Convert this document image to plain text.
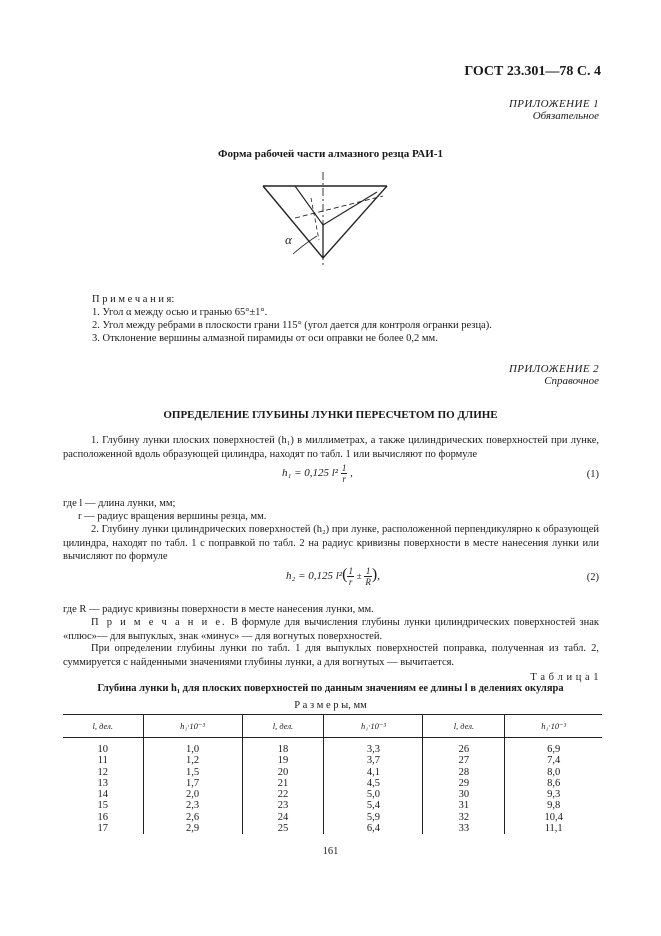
ГОСТ 23.301—78 С. 4
ПРИЛОЖЕНИЕ 1
Обязательное
Форма рабочей части алмазного резца РАИ-1
α
П р и м е ч а н и я:
1. Угол α между осью и гранью 65°±1°.
2. Угол между ребрами в плоскости грани 115° (угол дается для контроля огранки резца).
3. Отклонение вершины алмазной пирамиды от оси оправки не более 0,2 мм.
ПРИЛОЖЕНИЕ 2
Справочное
ОПРЕДЕЛЕНИЕ ГЛУБИНЫ ЛУНКИ ПЕРЕСЧЕТОМ ПО ДЛИНЕ
1. Глубину лунки плоских поверхностей (h₁) в миллиметрах, а также цилиндрических поверхностей при лунке, расположенной вдоль образующей цилиндра, находят по табл. 1 или вычисляют по формуле
h₁ = 0,125 $l^2 \frac{1}{r}$ ,	(1)
где l — длина лунки, мм;
r — радиус вращения вершины резца, мм.
2. Глубину лунки цилиндрических поверхностей (h₂) при лунке, расположенной перпендикулярно к образующей цилиндра, находят по табл. 1 с поправкой по табл. 2 на радиус кривизны поверхности в месте нанесения лунки или вычисляют по формуле
h₂ = 0,125 $l^2( \frac{1}{r} \pm \frac{1}{R}$ ),	(2)
где R — радиус кривизны поверхности в месте нанесения лунки, мм.
П р и м е ч а н и е. В формуле для вычисления глубины лунки цилиндрических поверхностей знак «плюс»— для выпуклых, знак «минус» — для вогнутых поверхностей.
При определении глубины лунки по табл. 1 для выпуклых поверхностей поправка, полученная из табл. 2, суммируется с найденными значениями глубины лунки, а для вогнутых — вычитается.
Т а б л и ц а 1
Глубина лунки h₁ для плоских поверхностей по данным значениям ее длины l в делениях окуляра
Р а з м е р ы, мм
l, дел.	h₁·10⁻³	l, дел.	h₁·10⁻³	l, дел.	h₁·10⁻³
10	1,0	18	3,3	26	6,9
11	1,2	19	3,7	27	7,4
12	1,5	20	4,1	28	8,0
13	1,7	21	4,5	29	8,6
14	2,0	22	5,0	30	9,3
15	2,3	23	5,4	31	9,8
16	2,6	24	5,9	32	10,4
17	2,9	25	6,4	33	11,1
161
